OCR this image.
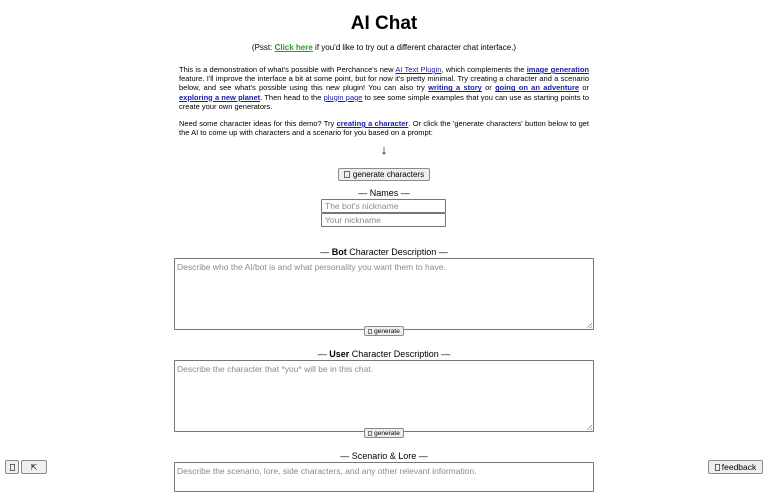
AI Chat
(Psst: Click here if you'd like to try out a different character chat interface.)
This is a demonstration of what's possible with Perchance's new AI Text Plugin, which complements the image generation feature. I'll improve the interface a bit at some point, but for now it's pretty minimal. Try creating a character and a scenario below, and see what's possible using this new plugin! You can also try writing a story or going on an adventure or exploring a new planet. Then head to the plugin page to see some simple examples that you can use as starting points to create your own generators.
Need some character ideas for this demo? Try creating a character. Or click the 'generate characters' button below to get the AI to come up with characters and a scenario for you based on a prompt:
↓
generate characters
— Names —
The bot's nickname
Your nickname
— Bot Character Description —
Describe who the AI/bot is and what personality you want them to have.
generate
— User Character Description —
Describe the character that *you* will be in this chat.
generate
— Scenario & Lore —
Describe the scenario, lore, side characters, and any other relevant information.
⇱	feedback
